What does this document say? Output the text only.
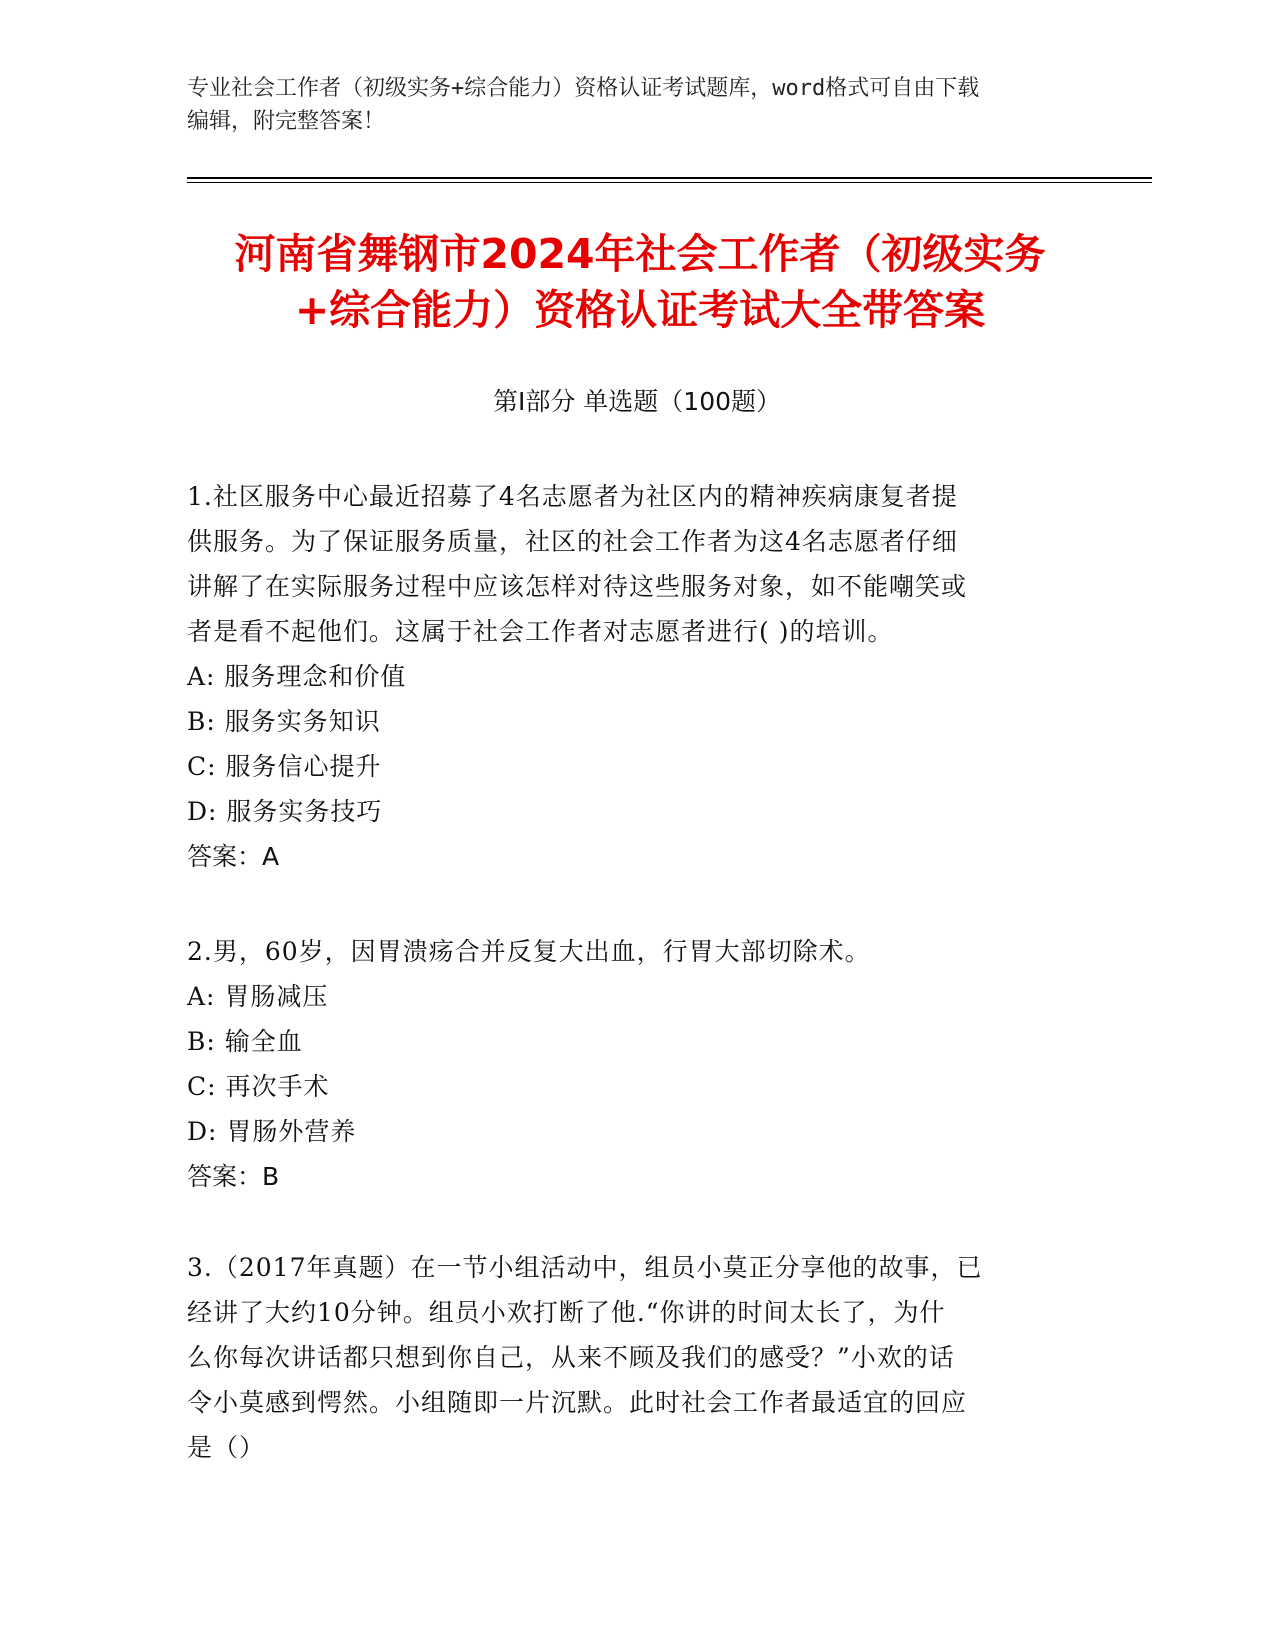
专业社会工作者（初级实务+综合能力）资格认证考试题库，word格式可自由下载
编辑，附完整答案！
河南省舞钢市2024年社会工作者（初级实务
+综合能力）资格认证考试大全带答案
第I部分 单选题（100题）
1.社区服务中心最近招募了4名志愿者为社区内的精神疾病康复者提
供服务。为了保证服务质量，社区的社会工作者为这4名志愿者仔细
讲解了在实际服务过程中应该怎样对待这些服务对象，如不能嘲笑或
者是看不起他们。这属于社会工作者对志愿者进行( )的培训。
A: 服务理念和价值
B: 服务实务知识
C: 服务信心提升
D: 服务实务技巧
答案：A
2.男，60岁，因胃溃疡合并反复大出血，行胃大部切除术。
A: 胃肠减压
B: 输全血
C: 再次手术
D: 胃肠外营养
答案：B
3.（2017年真题）在一节小组活动中，组员小莫正分享他的故事，已
经讲了大约10分钟。组员小欢打断了他.“你讲的时间太长了，为什
么你每次讲话都只想到你自己，从来不顾及我们的感受？”小欢的话
令小莫感到愕然。小组随即一片沉默。此时社会工作者最适宜的回应
是（）
